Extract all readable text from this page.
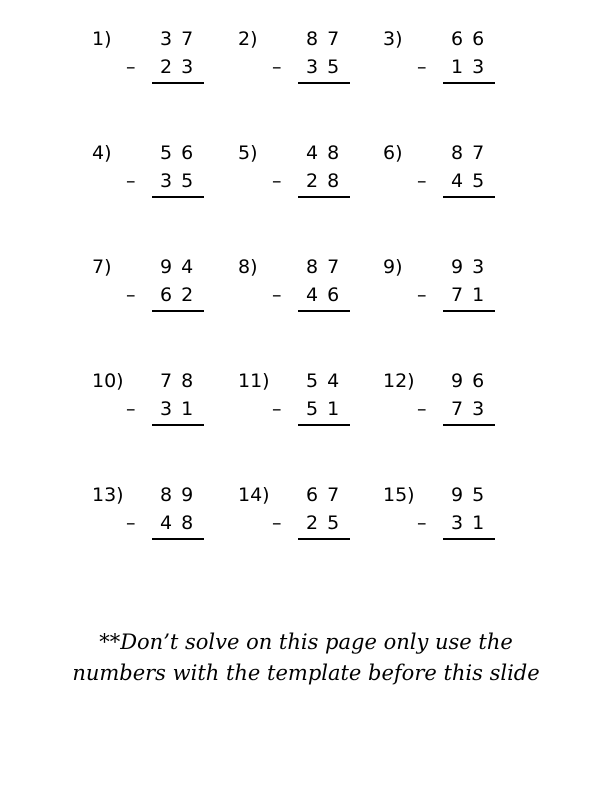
1)	37
– 23
2)	87
– 35
3)	66
– 13
4)	56
– 35
5)	48
– 28
6)	87
– 45
7)	94
– 62
8)	87
– 46
9)	93
– 71
10) 78
– 31
11) 54
– 51
12) 96
– 73
13) 89
– 48
14) 67
– 25
15) 95
– 31
**Don’t solve on this page only use the numbers with the template before this slide
